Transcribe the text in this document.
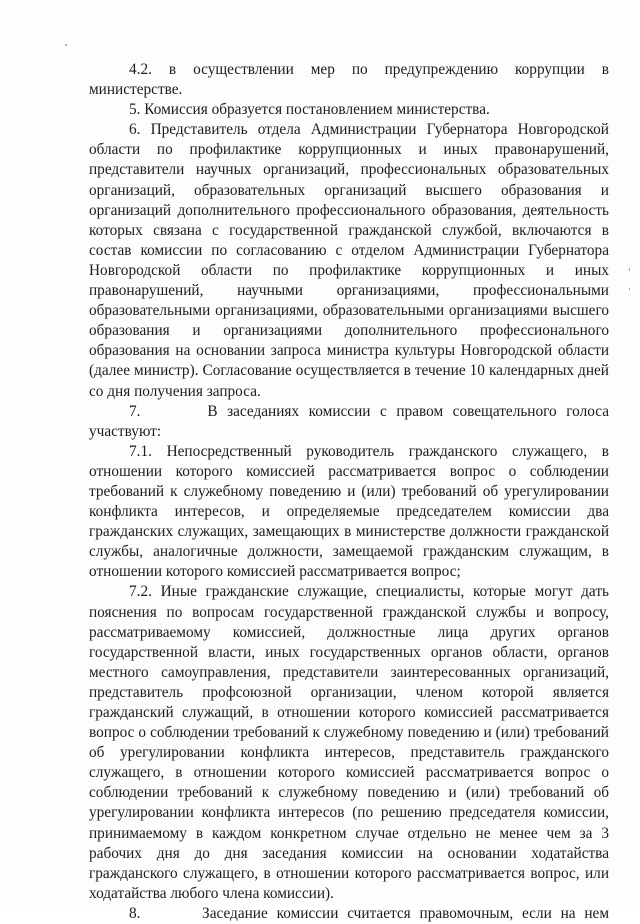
4.2. в осуществлении мер по предупреждению коррупции в министерстве.

5. Комиссия образуется постановлением министерства.

6. Представитель отдела Администрации Губернатора Новгородской области по профилактике коррупционных и иных правонарушений, представители научных организаций, профессиональных образовательных организаций, образовательных организаций высшего образования и организаций дополнительного профессионального образования, деятельность которых связана с государственной гражданской службой, включаются в состав комиссии по согласованию с отделом Администрации Губернатора Новгородской области по профилактике коррупционных и иных правонарушений, научными организациями, профессиональными образовательными организациями, образовательными организациями высшего образования и организациями дополнительного профессионального образования на основании запроса министра культуры Новгородской области (далее министр). Согласование осуществляется в течение 10 календарных дней со дня получения запроса.

7.       В заседаниях комиссии с правом совещательного голоса участвуют:

7.1. Непосредственный руководитель гражданского служащего, в отношении которого комиссией рассматривается вопрос о соблюдении требований к служебному поведению и (или) требований об урегулировании конфликта интересов, и определяемые председателем комиссии два гражданских служащих, замещающих в министерстве должности гражданской службы, аналогичные должности, замещаемой гражданским служащим, в отношении которого комиссией рассматривается вопрос;

7.2. Иные гражданские служащие, специалисты, которые могут дать пояснения по вопросам государственной гражданской службы и вопросу, рассматриваемому комиссией, должностные лица других органов государственной власти, иных государственных органов области, органов местного самоуправления, представители заинтересованных организаций, представитель профсоюзной организации, членом которой является гражданский служащий, в отношении которого комиссией рассматривается вопрос о соблюдении требований к служебному поведению и (или) требований об урегулировании конфликта интересов, представитель гражданского служащего, в отношении которого комиссией рассматривается вопрос о соблюдении требований к служебному поведению и (или) требований об урегулировании конфликта интересов (по решению председателя комиссии, принимаемому в каждом конкретном случае отдельно не менее чем за 3 рабочих дня до дня заседания комиссии на основании ходатайства гражданского служащего, в отношении которого рассматривается вопрос, или ходатайства любого члена комиссии).

8.       Заседание комиссии считается правомочным, если на нем
